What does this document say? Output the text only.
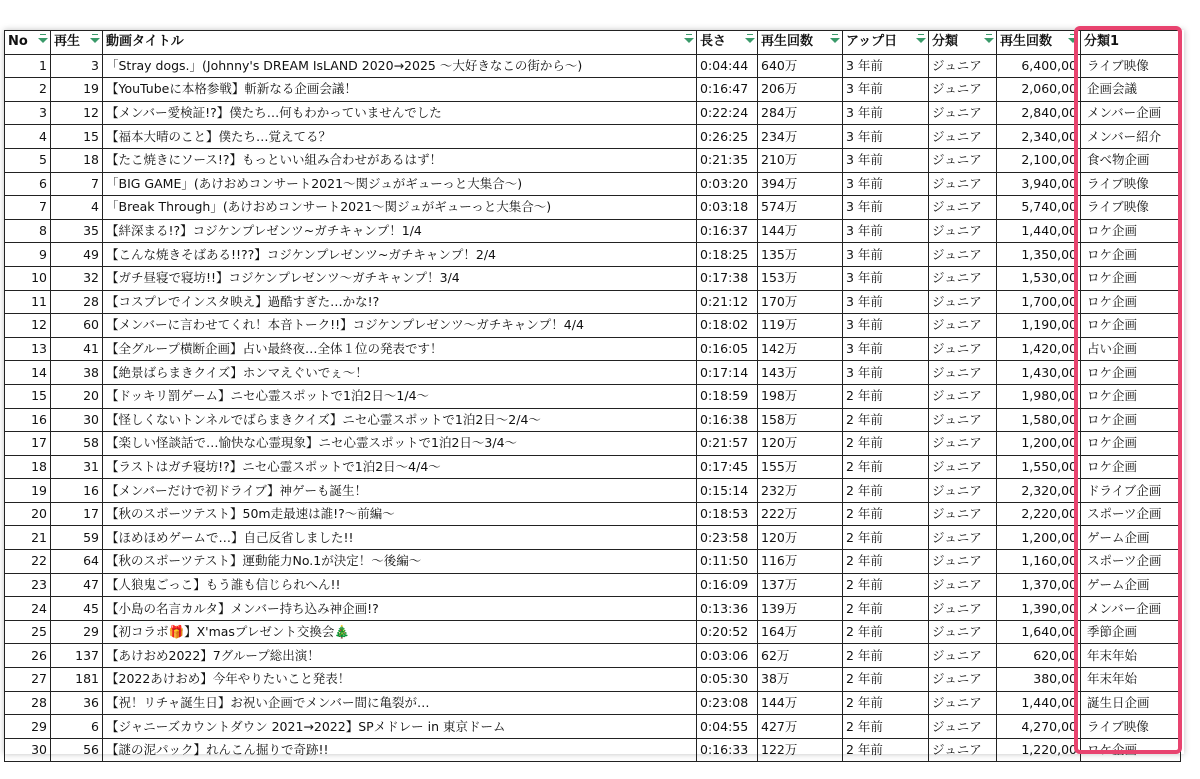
No	再生	動画タイトル	長さ	再生回数	アップ日	分類	再生回数	分類1
1	3	「Stray dogs.」(Johnny's DREAM IsLAND 2020→2025 ～大好きなこの街から～)	0:04:44	640万	3 年前	ジュニア	6,400,00	ライブ映像
2	19	【YouTubeに本格参戦】斬新なる企画会議！	0:16:47	206万	3 年前	ジュニア	2,060,00	企画会議
3	12	【メンバー愛検証!?】僕たち…何もわかっていませんでした	0:22:24	284万	3 年前	ジュニア	2,840,00	メンバー企画
4	15	【福本大晴のこと】僕たち…覚えてる？	0:26:25	234万	3 年前	ジュニア	2,340,00	メンバー紹介
5	18	【たこ焼きにソース!?】もっといい組み合わせがあるはず！	0:21:35	210万	3 年前	ジュニア	2,100,00	食べ物企画
6	7	「BIG GAME」(あけおめコンサート2021～関ジュがギューっと大集合～)	0:03:20	394万	3 年前	ジュニア	3,940,00	ライブ映像
7	4	「Break Through」(あけおめコンサート2021～関ジュがギューっと大集合～)	0:03:18	574万	3 年前	ジュニア	5,740,00	ライブ映像
8	35	【絆深まる!?】コジケンプレゼンツ~ガチキャンプ！1/4	0:16:37	144万	3 年前	ジュニア	1,440,00	ロケ企画
9	49	【こんな焼きそばある!!??】コジケンプレゼンツ~ガチキャンプ！2/4	0:18:25	135万	3 年前	ジュニア	1,350,00	ロケ企画
10	32	【ガチ昼寝で寝坊!!】コジケンプレゼンツ～ガチキャンプ！3/4	0:17:38	153万	3 年前	ジュニア	1,530,00	ロケ企画
11	28	【コスプレでインスタ映え】過酷すぎた…かな!?	0:21:12	170万	3 年前	ジュニア	1,700,00	ロケ企画
12	60	【メンバーに言わせてくれ！本音トーク!!】コジケンプレゼンツ～ガチキャンプ！4/4	0:18:02	119万	3 年前	ジュニア	1,190,00	ロケ企画
13	41	【全グループ横断企画】占い最終夜…全体１位の発表です！	0:16:05	142万	3 年前	ジュニア	1,420,00	占い企画
14	38	【絶景ばらまきクイズ】ホンマえぐいでぇ～！	0:17:14	143万	3 年前	ジュニア	1,430,00	ロケ企画
15	20	【ドッキリ罰ゲーム】ニセ心霊スポットで1泊2日～1/4～	0:18:59	198万	2 年前	ジュニア	1,980,00	ロケ企画
16	30	【怪しくないトンネルでばらまきクイズ】ニセ心霊スポットで1泊2日～2/4～	0:16:38	158万	2 年前	ジュニア	1,580,00	ロケ企画
17	58	【楽しい怪談話で…愉快な心霊現象】ニセ心霊スポットで1泊2日～3/4～	0:21:57	120万	2 年前	ジュニア	1,200,00	ロケ企画
18	31	【ラストはガチ寝坊!?】ニセ心霊スポットで1泊2日～4/4～	0:17:45	155万	2 年前	ジュニア	1,550,00	ロケ企画
19	16	【メンバーだけで初ドライブ】神ゲーも誕生！	0:15:14	232万	2 年前	ジュニア	2,320,00	ドライブ企画
20	17	【秋のスポーツテスト】50m走最速は誰!?～前編～	0:18:53	222万	2 年前	ジュニア	2,220,00	スポーツ企画
21	59	【ほめほめゲームで…】自己反省しました!!	0:23:58	120万	2 年前	ジュニア	1,200,00	ゲーム企画
22	64	【秋のスポーツテスト】運動能力No.1が決定！～後編～	0:11:50	116万	2 年前	ジュニア	1,160,00	スポーツ企画
23	47	【人狼鬼ごっこ】もう誰も信じられへん!!	0:16:09	137万	2 年前	ジュニア	1,370,00	ゲーム企画
24	45	【小島の名言カルタ】メンバー持ち込み神企画!?	0:13:36	139万	2 年前	ジュニア	1,390,00	メンバー企画
25	29	【初コラボ🎁】X'masプレゼント交換会🎄	0:20:52	164万	2 年前	ジュニア	1,640,00	季節企画
26	137	【あけおめ2022】7グループ総出演！	0:03:06	62万	2 年前	ジュニア	620,00	年末年始
27	181	【2022あけおめ】今年やりたいこと発表！	0:05:30	38万	2 年前	ジュニア	380,00	年末年始
28	36	【祝！リチャ誕生日】お祝い企画でメンバー間に亀裂が…	0:23:08	144万	2 年前	ジュニア	1,440,00	誕生日企画
29	6	【ジャニーズカウントダウン 2021→2022】SPメドレー in 東京ドーム	0:04:55	427万	2 年前	ジュニア	4,270,00	ライブ映像
30	56	【謎の泥パック】れんこん掘りで奇跡!!	0:16:33	122万	2 年前	ジュニア	1,220,00	ロケ企画
